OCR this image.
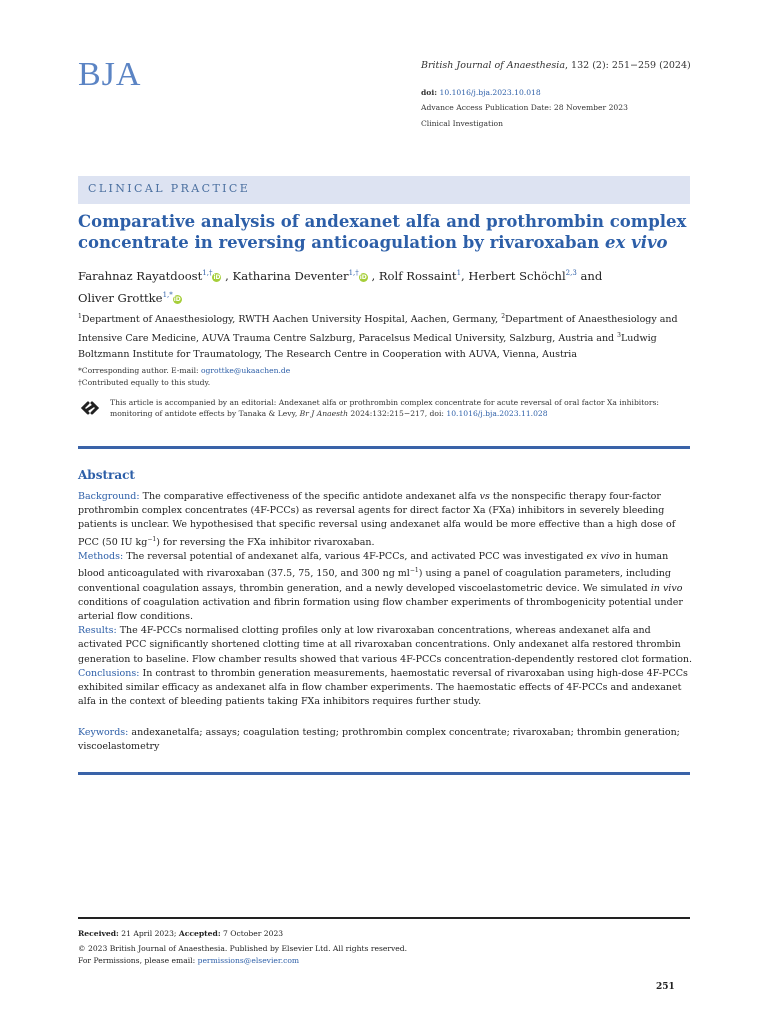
BJA	British Journal of Anaesthesia, 132 (2): 251−259 (2024)
doi: 10.1016/j.bja.2023.10.018
Advance Access Publication Date: 28 November 2023
Clinical Investigation
CLINICAL PRACTICE
Comparative analysis of andexanet alfa and prothrombin complex concentrate in reversing anticoagulation by rivaroxaban ex vivo
Farahnaz Rayatdoost$^{1,\dagger}$iD , Katharina Deventer$^{1,\dagger}$iD , Rolf Rossaint$^1$, Herbert Schöchl$^{2,3}$ and
Oliver Grottke$^{1,*}$iD
$^1$Department of Anaesthesiology, RWTH Aachen University Hospital, Aachen, Germany, $^2$Department of Anaesthesiology and Intensive Care Medicine, AUVA Trauma Centre Salzburg, Paracelsus Medical University, Salzburg, Austria and $^3$Ludwig Boltzmann Institute for Traumatology, The Research Centre in Cooperation with AUVA, Vienna, Austria
*Corresponding author. E-mail: ogrottke@ukaachen.de
†Contributed equally to this study.
This article is accompanied by an editorial: Andexanet alfa or prothrombin complex concentrate for acute reversal of oral factor Xa inhibitors: monitoring of antidote effects by Tanaka & Levy, Br J Anaesth 2024:132:215−217, doi: 10.1016/j.bja.2023.11.028
Abstract
Background: The comparative effectiveness of the specific antidote andexanet alfa vs the nonspecific therapy four-factor prothrombin complex concentrates (4F-PCCs) as reversal agents for direct factor Xa (FXa) inhibitors in severely bleeding patients is unclear. We hypothesised that specific reversal using andexanet alfa would be more effective than a high dose of PCC (50 IU $kg^{-1}$) for reversing the FXa inhibitor rivaroxaban.
Methods: The reversal potential of andexanet alfa, various 4F-PCCs, and activated PCC was investigated ex vivo in human blood anticoagulated with rivaroxaban (37.5, 75, 150, and 300 ng $ml^{-1}$) using a panel of coagulation parameters, including conventional coagulation assays, thrombin generation, and a newly developed viscoelastometric device. We simulated in vivo conditions of coagulation activation and fibrin formation using flow chamber experiments of thrombogenicity potential under arterial flow conditions.
Results: The 4F-PCCs normalised clotting profiles only at low rivaroxaban concentrations, whereas andexanet alfa and activated PCC significantly shortened clotting time at all rivaroxaban concentrations. Only andexanet alfa restored thrombin generation to baseline. Flow chamber results showed that various 4F-PCCs concentration-dependently restored clot formation.
Conclusions: In contrast to thrombin generation measurements, haemostatic reversal of rivaroxaban using high-dose 4F-PCCs exhibited similar efficacy as andexanet alfa in flow chamber experiments. The haemostatic effects of 4F-PCCs and andexanet alfa in the context of bleeding patients taking FXa inhibitors requires further study.
Keywords: andexanetalfa; assays; coagulation testing; prothrombin complex concentrate; rivaroxaban; thrombin generation; viscoelastometry
Received: 21 April 2023; Accepted: 7 October 2023
© 2023 British Journal of Anaesthesia. Published by Elsevier Ltd. All rights reserved.
For Permissions, please email: permissions@elsevier.com
251
